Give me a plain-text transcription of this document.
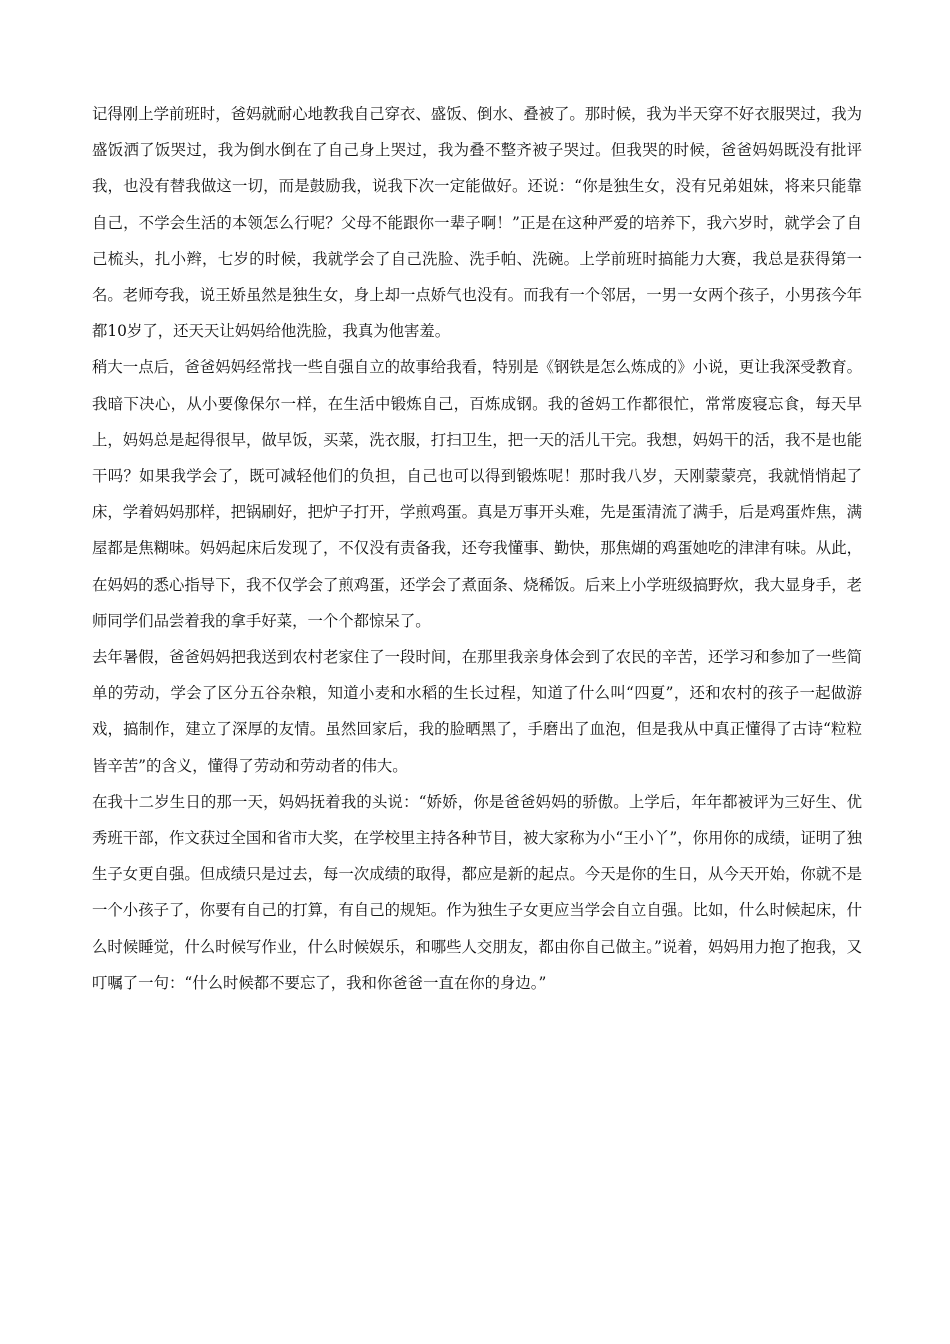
记得刚上学前班时，爸妈就耐心地教我自己穿衣、盛饭、倒水、叠被了。那时候，我为半天穿不好衣服哭过，我为盛饭洒了饭哭过，我为倒水倒在了自己身上哭过，我为叠不整齐被子哭过。但我哭的时候，爸爸妈妈既没有批评我，也没有替我做这一切，而是鼓励我，说我下次一定能做好。还说：“你是独生女，没有兄弟姐妹，将来只能靠自己，不学会生活的本领怎么行呢？父母不能跟你一辈子啊！”正是在这种严爱的培养下，我六岁时，就学会了自己梳头，扎小辫，七岁的时候，我就学会了自己洗脸、洗手帕、洗碗。上学前班时搞能力大赛，我总是获得第一名。老师夸我，说王娇虽然是独生女，身上却一点娇气也没有。而我有一个邻居，一男一女两个孩子，小男孩今年都10岁了，还天天让妈妈给他洗脸，我真为他害羞。

稍大一点后，爸爸妈妈经常找一些自强自立的故事给我看，特别是《钢铁是怎么炼成的》小说，更让我深受教育。我暗下决心，从小要像保尔一样，在生活中锻炼自己，百炼成钢。我的爸妈工作都很忙，常常废寝忘食，每天早上，妈妈总是起得很早，做早饭，买菜，洗衣服，打扫卫生，把一天的活儿干完。我想，妈妈干的活，我不是也能干吗？如果我学会了，既可减轻他们的负担，自己也可以得到锻炼呢！那时我八岁，天刚蒙蒙亮，我就悄悄起了床，学着妈妈那样，把锅刷好，把炉子打开，学煎鸡蛋。真是万事开头难，先是蛋清流了满手，后是鸡蛋炸焦，满屋都是焦糊味。妈妈起床后发现了，不仅没有责备我，还夸我懂事、勤快，那焦煳的鸡蛋她吃的津津有味。从此，在妈妈的悉心指导下，我不仅学会了煎鸡蛋，还学会了煮面条、烧稀饭。后来上小学班级搞野炊，我大显身手，老师同学们品尝着我的拿手好菜，一个个都惊呆了。

去年暑假，爸爸妈妈把我送到农村老家住了一段时间，在那里我亲身体会到了农民的辛苦，还学习和参加了一些简单的劳动，学会了区分五谷杂粮，知道小麦和水稻的生长过程，知道了什么叫“四夏”，还和农村的孩子一起做游戏，搞制作，建立了深厚的友情。虽然回家后，我的脸晒黑了，手磨出了血泡，但是我从中真正懂得了古诗“粒粒皆辛苦”的含义，懂得了劳动和劳动者的伟大。

在我十二岁生日的那一天，妈妈抚着我的头说：“娇娇，你是爸爸妈妈的骄傲。上学后，年年都被评为三好生、优秀班干部，作文获过全国和省市大奖，在学校里主持各种节目，被大家称为小“王小丫”，你用你的成绩，证明了独生子女更自强。但成绩只是过去，每一次成绩的取得，都应是新的起点。今天是你的生日，从今天开始，你就不是一个小孩子了，你要有自己的打算，有自己的规矩。作为独生子女更应当学会自立自强。比如，什么时候起床，什么时候睡觉，什么时候写作业，什么时候娱乐，和哪些人交朋友，都由你自己做主。”说着，妈妈用力抱了抱我，又叮嘱了一句：“什么时候都不要忘了，我和你爸爸一直在你的身边。”
